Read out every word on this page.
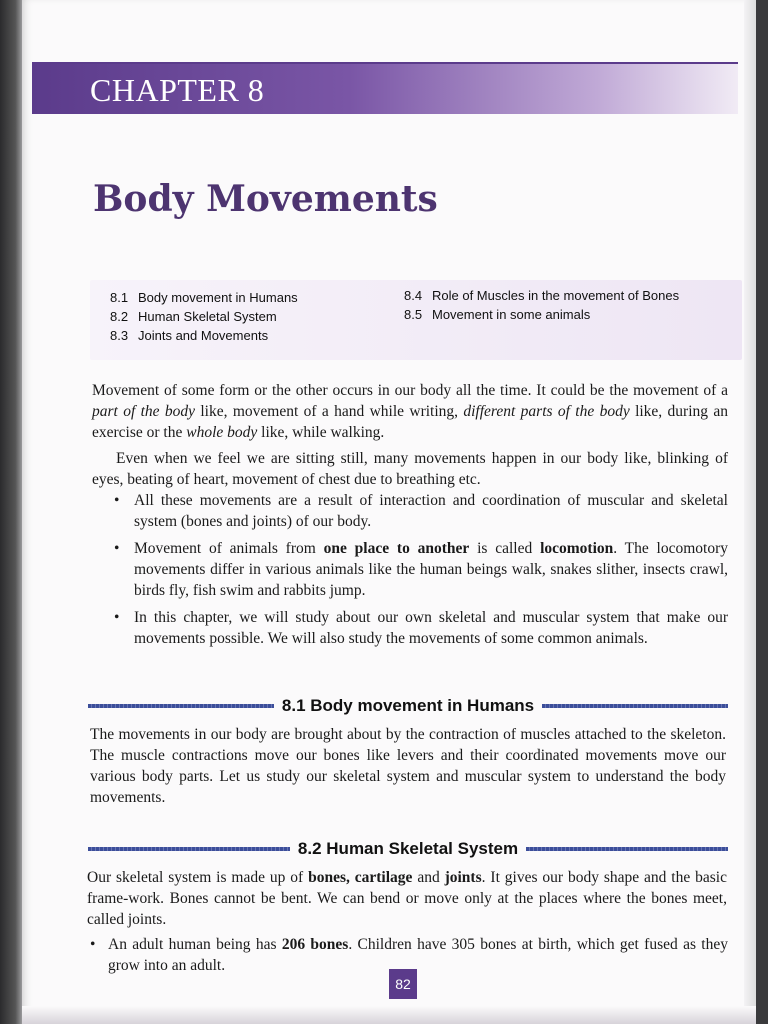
CHAPTER 8
Body Movements
8.1 Body movement in Humans
8.2 Human Skeletal System
8.3 Joints and Movements
8.4 Role of Muscles in the movement of Bones
8.5 Movement in some animals

Movement of some form or the other occurs in our body all the time. It could be the movement of a part of the body like, movement of a hand while writing, different parts of the body like, during an exercise or the whole body like, while walking.

Even when we feel we are sitting still, many movements happen in our body like, blinking of eyes, beating of heart, movement of chest due to breathing etc.

• All these movements are a result of interaction and coordination of muscular and skeletal system (bones and joints) of our body.
• Movement of animals from one place to another is called locomotion. The locomotory movements differ in various animals like the human beings walk, snakes slither, insects crawl, birds fly, fish swim and rabbits jump.
• In this chapter, we will study about our own skeletal and muscular system that make our movements possible. We will also study the movements of some common animals.
8.1 Body movement in Humans

The movements in our body are brought about by the contraction of muscles attached to the skeleton. The muscle contractions move our bones like levers and their coordinated movements move our various body parts. Let us study our skeletal system and muscular system to understand the body movements.

8.2 Human Skeletal System

Our skeletal system is made up of bones, cartilage and joints. It gives our body shape and the basic frame-work. Bones cannot be bent. We can bend or move only at the places where the bones meet, called joints.

• An adult human being has 206 bones. Children have 305 bones at birth, which get fused as they grow into an adult.
82
